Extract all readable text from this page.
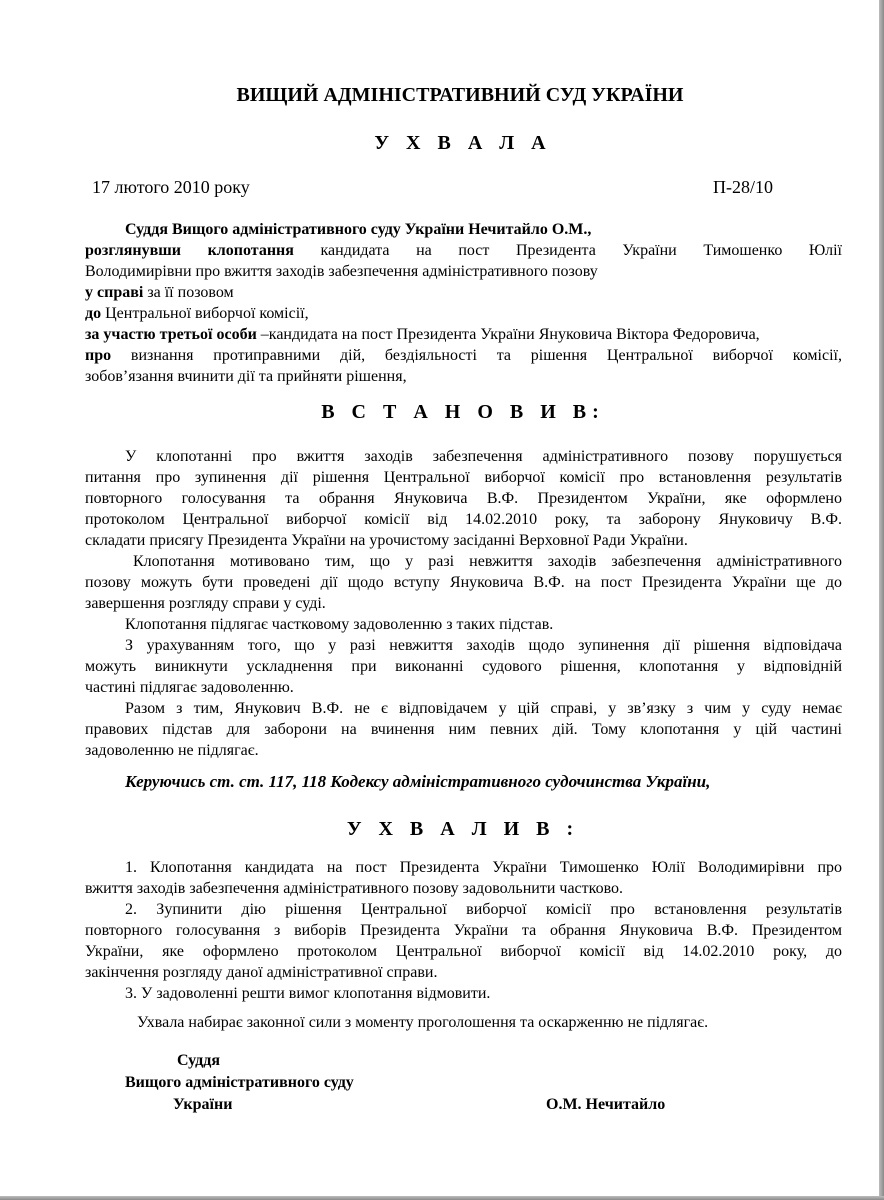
ВИЩИЙ АДМІНІСТРАТИВНИЙ СУД УКРАЇНИ
У Х В А Л А
17 лютого 2010 року	П-28/10
Суддя Вищого адміністративного суду України Нечитайло О.М.,
розглянувши клопотання кандидата на пост Президента України Тимошенко Юлії
Володимирівни про вжиття заходів забезпечення адміністративного позову
у справі за її позовом
до Центральної виборчої комісії,
за участю третьої особи –кандидата на пост Президента України Януковича Віктора Федоровича,
про визнання протиправними дій, бездіяльності та рішення Центральної виборчої комісії,
зобов’язання вчинити дії та прийняти рішення,
В С Т А Н О В И В:
У клопотанні про вжиття заходів забезпечення адміністративного позову порушується
питання про зупинення дії рішення Центральної виборчої комісії про встановлення результатів
повторного голосування та обрання Януковича В.Ф. Президентом України, яке оформлено
протоколом Центральної виборчої комісії від 14.02.2010 року, та заборону Януковичу В.Ф.
складати присягу Президента України на урочистому засіданні Верховної Ради України.
Клопотання мотивовано тим, що у разі невжиття заходів забезпечення адміністративного
позову можуть бути проведені дії щодо вступу Януковича В.Ф. на пост Президента України ще до
завершення розгляду справи у суді.
Клопотання підлягає частковому задоволенню з таких підстав.
З урахуванням того, що у разі невжиття заходів щодо зупинення дії рішення відповідача
можуть виникнути ускладнення при виконанні судового рішення, клопотання у відповідній
частині підлягає задоволенню.
Разом з тим, Янукович В.Ф. не є відповідачем у цій справі, у зв’язку з чим у суду немає
правових підстав для заборони на вчинення ним певних дій. Тому клопотання у цій частині
задоволенню не підлягає.
Керуючись ст. ст. 117, 118 Кодексу адміністративного судочинства України,
У Х В А Л И В :
1. Клопотання кандидата на пост Президента України Тимошенко Юлії Володимирівни про
вжиття заходів забезпечення адміністративного позову задовольнити частково.
2. Зупинити дію рішення Центральної виборчої комісії про встановлення результатів
повторного голосування з виборів Президента України та обрання Януковича В.Ф. Президентом
України, яке оформлено протоколом Центральної виборчої комісії від 14.02.2010 року, до
закінчення розгляду даної адміністративної справи.
3. У задоволенні решти вимог клопотання відмовити.
Ухвала набирає законної сили з моменту проголошення та оскарженню не підлягає.
Суддя
Вищого адміністративного суду
України	О.М. Нечитайло
